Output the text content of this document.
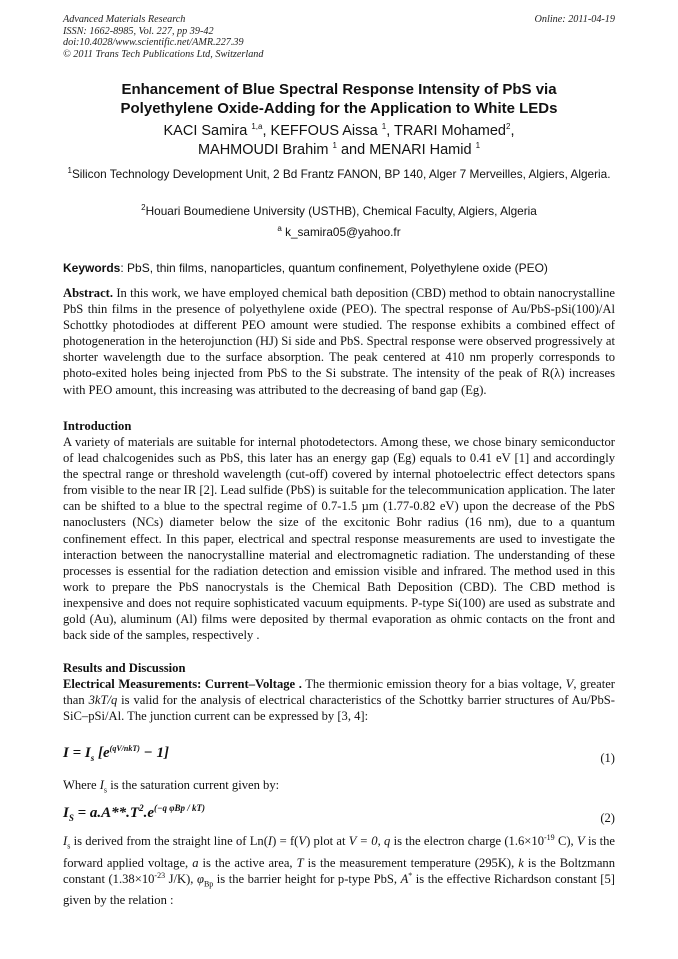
Advanced Materials Research
ISSN: 1662-8985, Vol. 227, pp 39-42
doi:10.4028/www.scientific.net/AMR.227.39
© 2011 Trans Tech Publications Ltd, Switzerland
Online: 2011-04-19
Enhancement of Blue Spectral Response Intensity of PbS via
Polyethylene Oxide-Adding for the Application to White LEDs
KACI Samira $^{1,a}$, KEFFOUS Aissa $^1$, TRARI Mohamed$^2$,
MAHMOUDI Brahim $^1$ and MENARI Hamid $^1$
$^1$Silicon Technology Development Unit, 2 Bd Frantz FANON, BP 140, Alger 7 Merveilles, Algiers, Algeria.
$^2$Houari Boumediene University (USTHB), Chemical Faculty, Algiers, Algeria
$^a$ k_samira05@yahoo.fr
Keywords: PbS, thin films, nanoparticles, quantum confinement, Polyethylene oxide (PEO)

Abstract. In this work, we have employed chemical bath deposition (CBD) method to obtain nanocrystalline PbS thin films in the presence of polyethylene oxide (PEO). The spectral response of Au/PbS-pSi(100)/Al Schottky photodiodes at different PEO amount were studied. The response exhibits a combined effect of photogeneration in the heterojunction (HJ) Si side and PbS. Spectral response were observed progressively at shorter wavelength due to the surface absorption. The peak centered at 410 nm properly corresponds to photo-exited holes being injected from PbS to the Si substrate. The intensity of the peak of R(λ) increases with PEO amount, this increasing was attributed to the decreasing of band gap (Eg).

Introduction

A variety of materials are suitable for internal photodetectors. Among these, we chose binary semiconductor of lead chalcogenides such as PbS, this later has an energy gap (Eg) equals to 0.41 eV [1] and accordingly the spectral range or threshold wavelength (cut-off) covered by internal photoelectric effect detectors spans from visible to the near IR [2]. Lead sulfide (PbS) is suitable for the telecommunication application. The later can be shifted to a blue to the spectral regime of 0.7-1.5 µm (1.77-0.82 eV) upon the decrease of the PbS nanoclusters (NCs) diameter below the size of the excitonic Bohr radius (16 nm), due to a quantum confinement effect. In this paper, electrical and spectral response measurements are used to investigate the interaction between the nanocrystalline material and electromagnetic radiation. The understanding of these processes is essential for the radiation detection and emission visible and infrared. The method used in this work to prepare the PbS nanocrystals is the Chemical Bath Deposition (CBD). The CBD method is inexpensive and does not require sophisticated vacuum equipments. P-type Si(100) are used as substrate and gold (Au), aluminum (Al) films were deposited by thermal evaporation as ohmic contacts on the front and back side of the samples, respectively .

Results and Discussion

Electrical Measurements: Current–Voltage . The thermionic emission theory for a bias voltage, V, greater than 3kT/q is valid for the analysis of electrical characteristics of the Schottky barrier structures of Au/PbS-SiC–pSi/Al. The junction current can be expressed by [3, 4]:

$I = I_s$ $[e^{(qV/nkT)} - 1]$	(1)

Where $I_s$ is the saturation current given by:

$I_S = a.A**.T^2.e^{(-q \varphi Bp / kT)}$
(2)

$I_s$ is derived from the straight line of Ln(I) = f(V) plot at V = 0, q is the electron charge ($1.6\times 10^{-19}$ C), V is the forward applied voltage, a is the active area, T is the measurement temperature (295K), k is the Boltzmann constant ($1.38\times 10^{-23}$ J/K), $\varphi_{Bp}$ is the barrier height for p-type PbS, A* is the effective Richardson constant [5] given by the relation :
